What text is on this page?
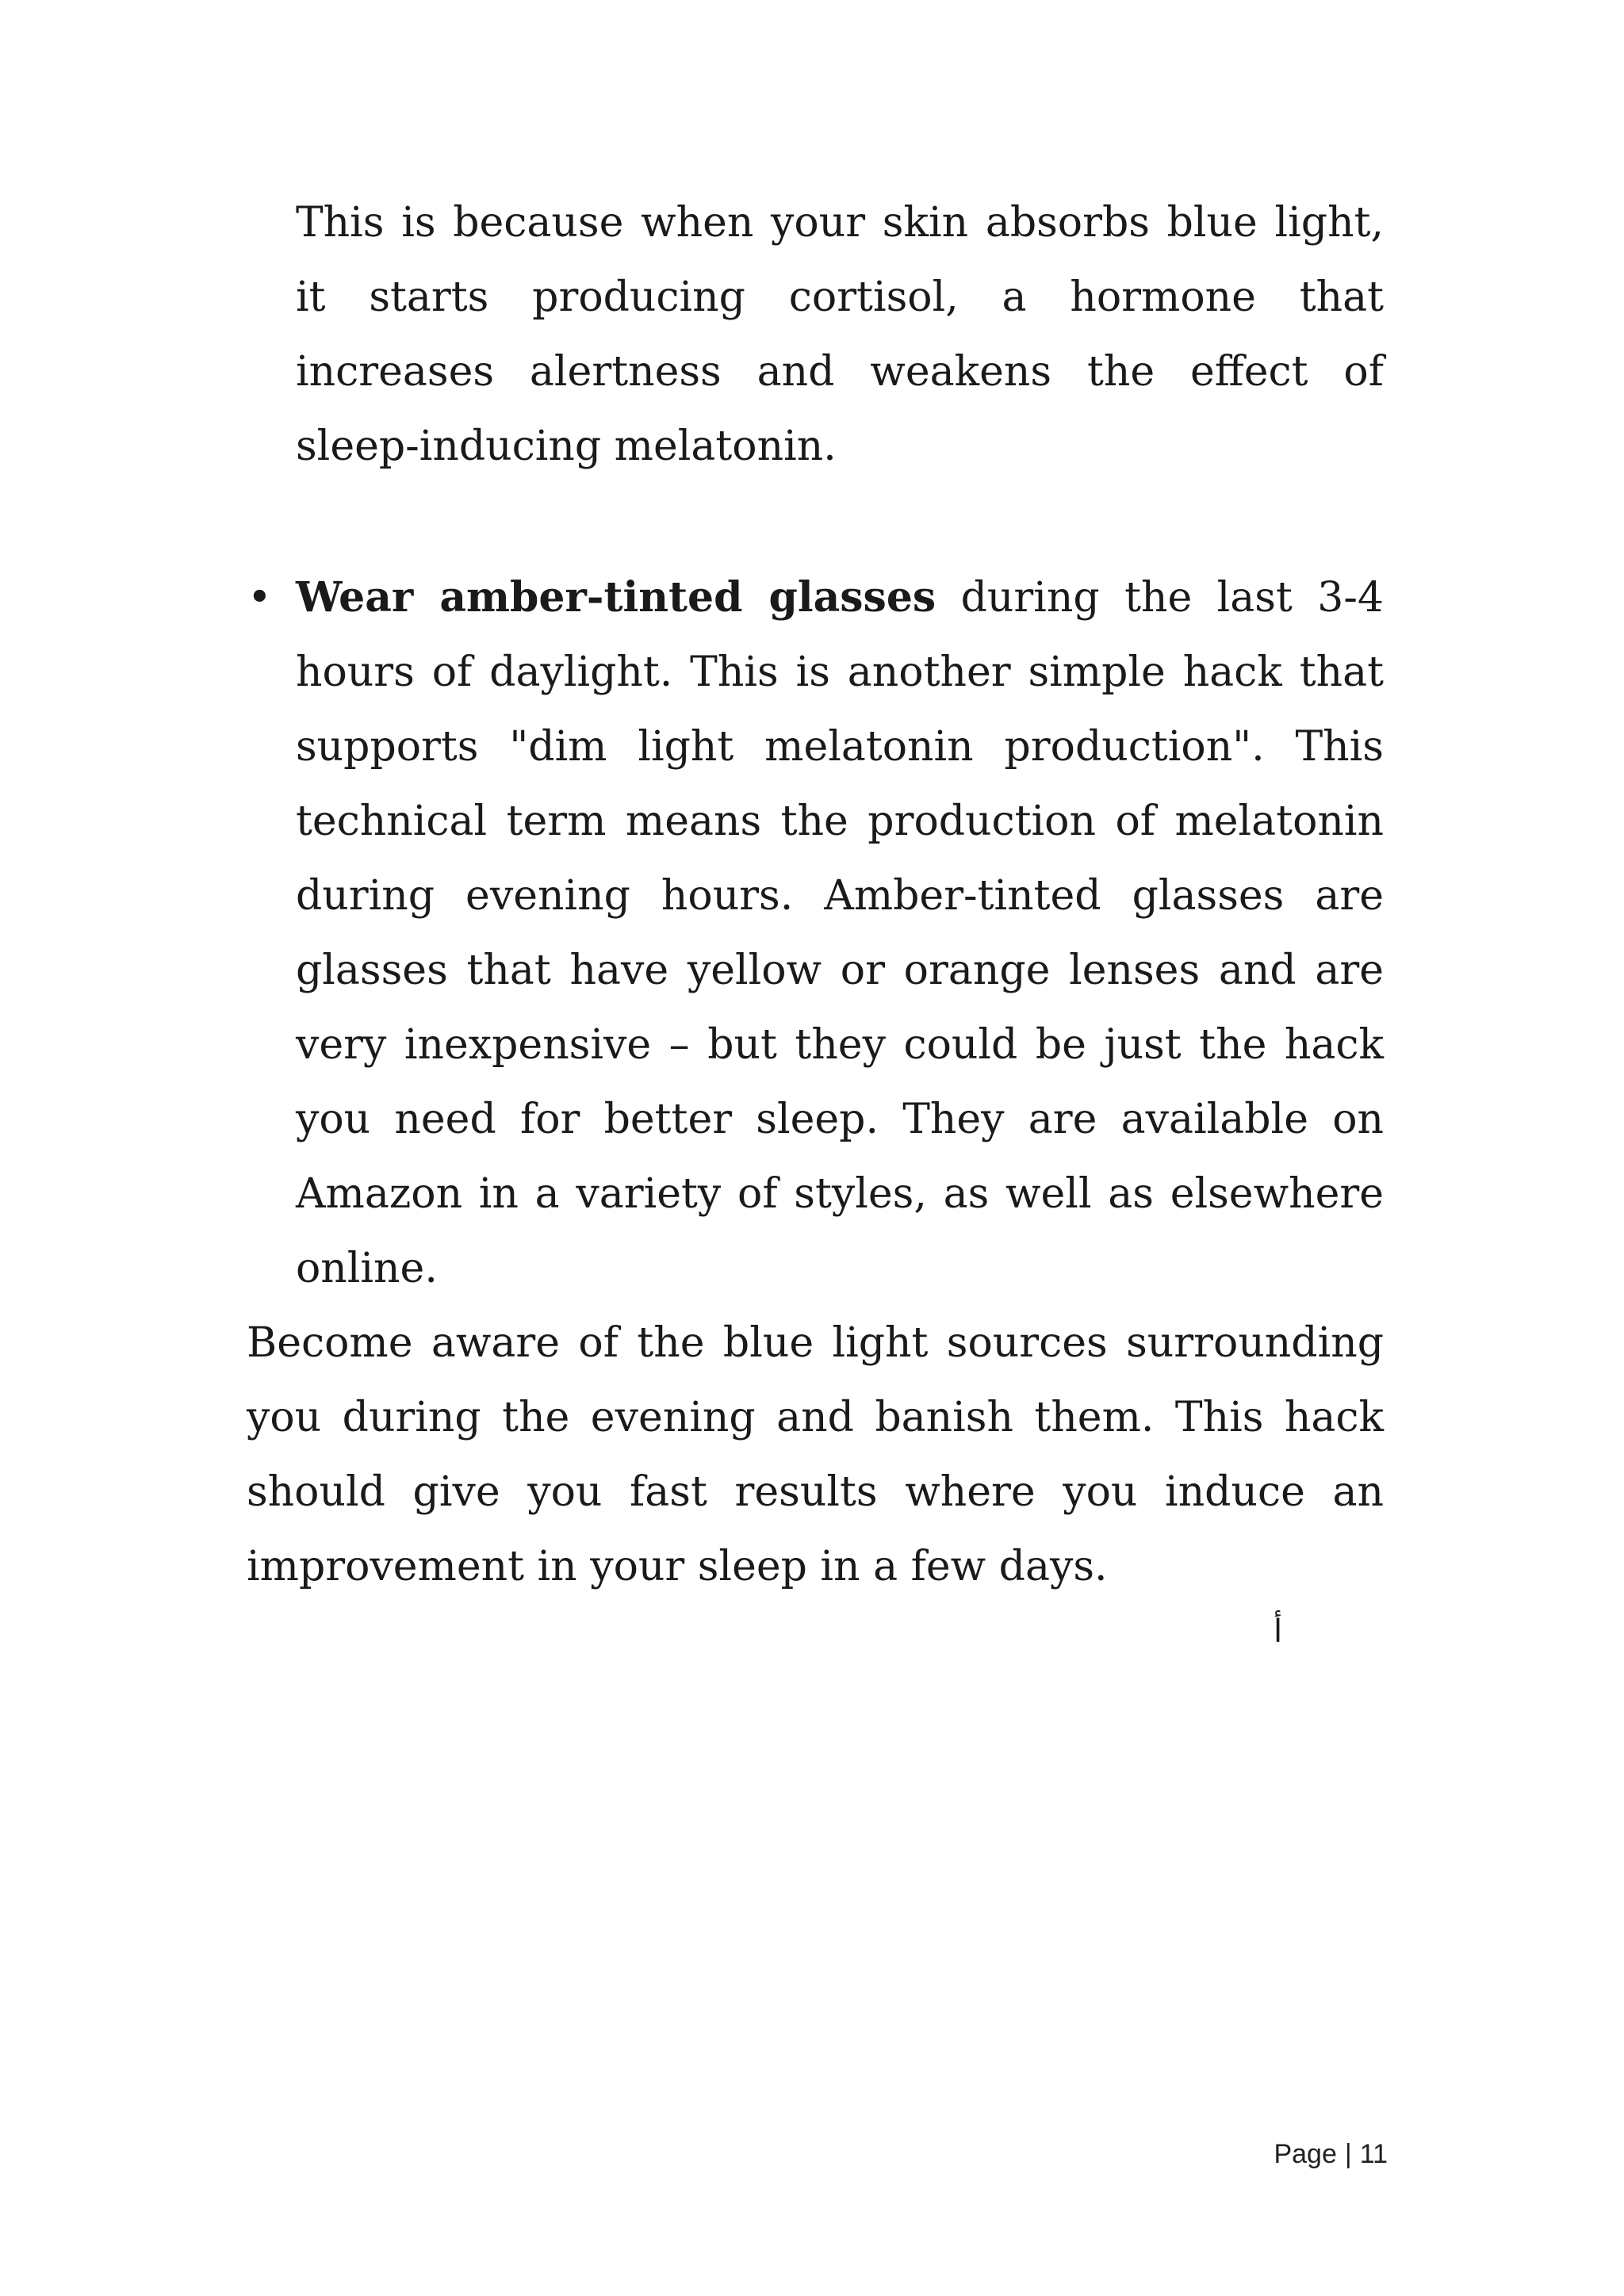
This is because when your skin absorbs blue light, it starts producing cortisol, a hormone that increases alertness and weakens the effect of sleep-inducing melatonin.

• Wear amber-tinted glasses during the last 3-4 hours of daylight. This is another simple hack that supports "dim light melatonin production". This technical term means the production of melatonin during evening hours. Amber-tinted glasses are glasses that have yellow or orange lenses and are very inexpensive – but they could be just the hack you need for better sleep. They are available on Amazon in a variety of styles, as well as elsewhere online.

Become aware of the blue light sources surrounding you during the evening and banish them. This hack should give you fast results where you induce an improvement in your sleep in a few days.

أ
Page | 11
